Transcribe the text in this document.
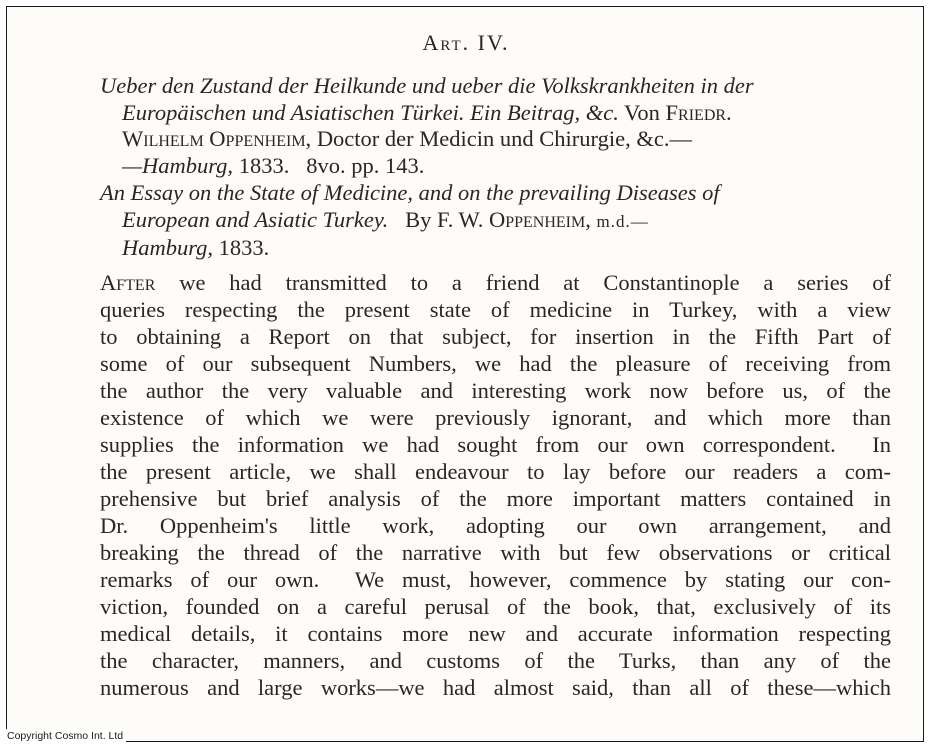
Art. IV.
Ueber den Zustand der Heilkunde und ueber die Volkskrankheiten in der
Europäischen und Asiatischen Türkei. Ein Beitrag, &c. Von Friedr.
Wilhelm Oppenheim, Doctor der Medicin und Chirurgie, &c.—
—Hamburg, 1833.   8vo. pp. 143.
An Essay on the State of Medicine, and on the prevailing Diseases of
European and Asiatic Turkey. By F. W. Oppenheim, m.d.—
Hamburg, 1833.
After we had transmitted to a friend at Constantinople a series of
queries respecting the present state of medicine in Turkey, with a view
to obtaining a Report on that subject, for insertion in the Fifth Part of
some of our subsequent Numbers, we had the pleasure of receiving from
the author the very valuable and interesting work now before us, of the
existence of which we were previously ignorant, and which more than
supplies the information we had sought from our own correspondent.  In
the present article, we shall endeavour to lay before our readers a com-
prehensive but brief analysis of the more important matters contained in
Dr. Oppenheim's little work, adopting our own arrangement, and
breaking the thread of the narrative with but few observations or critical
remarks of our own.  We must, however, commence by stating our con-
viction, founded on a careful perusal of the book, that, exclusively of its
medical details, it contains more new and accurate information respecting
the character, manners, and customs of the Turks, than any of the
numerous and large works—we had almost said, than all of these—which
Copyright Cosmo Int. Ltd
